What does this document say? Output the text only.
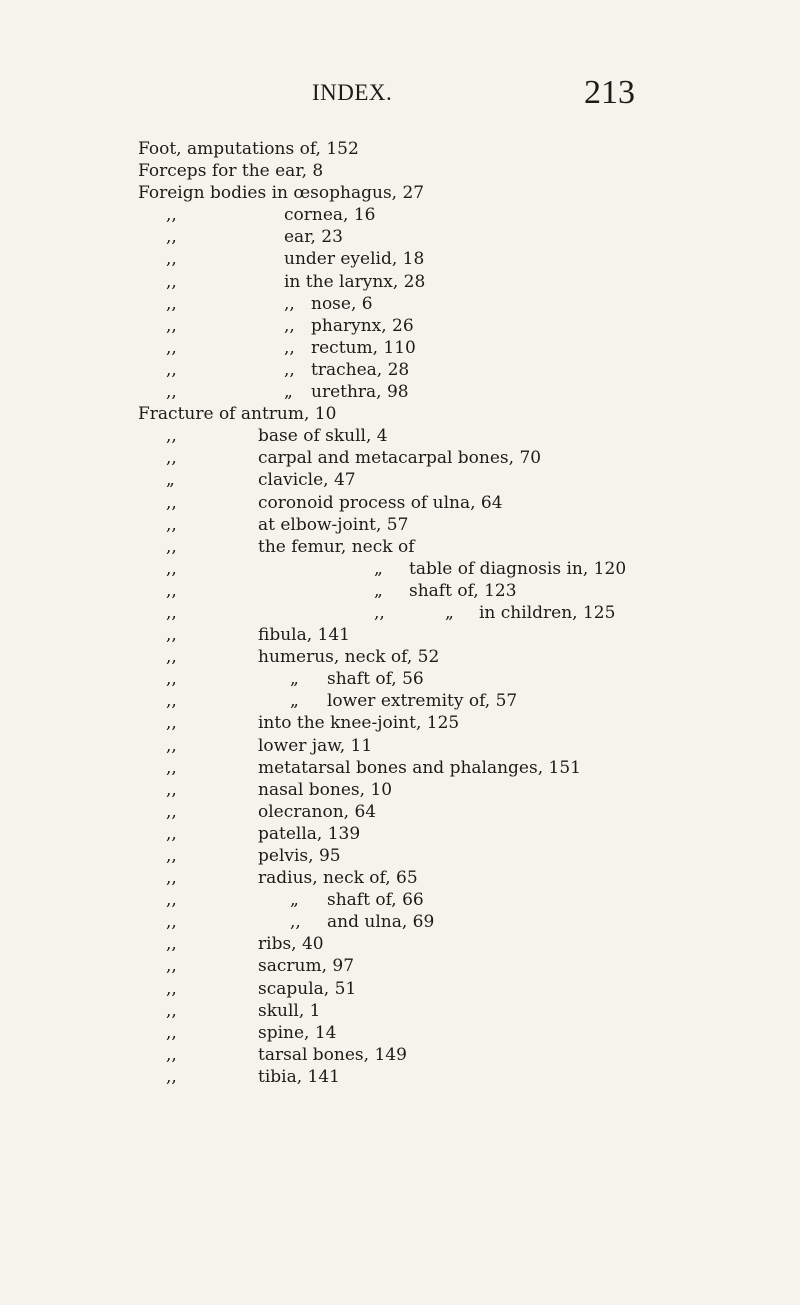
INDEX.	213
Foot, amputations of, 152
Forceps for the ear, 8
Foreign bodies in œsophagus, 27
,,	cornea, 16
,,	ear, 23
,,	under eyelid, 18
,,	in the larynx, 28
,,	,, nose, 6
,,	,, pharynx, 26
,,	,, rectum, 110
,,	,, trachea, 28
,,	„ urethra, 98
Fracture of antrum, 10
,,	base of skull, 4
,,	carpal and metacarpal bones, 70
„	clavicle, 47
,,	coronoid process of ulna, 64
,,	at elbow-joint, 57
,,	the femur, neck of
,,	„ table of diagnosis in, 120
,,	„ shaft of, 123
,,	,,	„ in children, 125
,,	fibula, 141
,,	humerus, neck of, 52
,,	„ shaft of, 56
,,	„ lower extremity of, 57
,,	into the knee-joint, 125
,,	lower jaw, 11
,,	metatarsal bones and phalanges, 151
,,	nasal bones, 10
,,	olecranon, 64
,,	patella, 139
,,	pelvis, 95
,,	radius, neck of, 65
,,	„ shaft of, 66
,,	,, and ulna, 69
,,	ribs, 40
,,	sacrum, 97
,,	scapula, 51
,,	skull, 1
,,	spine, 14
,,	tarsal bones, 149
,,	tibia, 141
